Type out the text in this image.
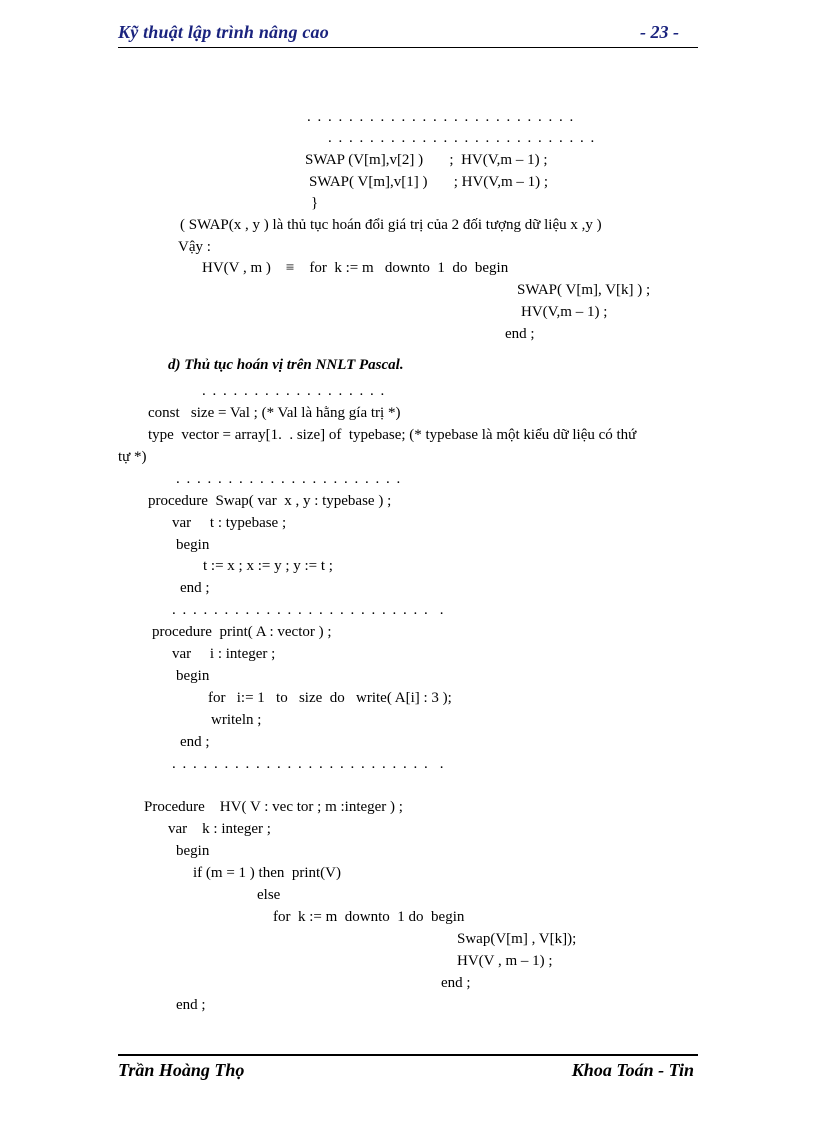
Kỹ thuật lập trình nâng cao	- 23 -
. . . . . . . . . . . . . . . . . . . . . . . . . .
. . . . . . . . . . . . . . . . . . . . . . . . . .
SWAP (V[m],v[2] )       ;  HV(V,m – 1) ;
SWAP( V[m],v[1] )       ; HV(V,m – 1) ;
}
( SWAP(x , y ) là thủ tục hoán đổi giá trị của 2 đối tượng dữ liệu x ,y )
Vậy :
HV(V , m )    ≡    for  k := m   downto  1  do  begin
SWAP( V[m], V[k] ) ;
HV(V,m – 1) ;
end ;
d) Thủ tục hoán vị trên NNLT Pascal.
. . . . . . . . . . . . . . . . . .
const   size = Val ; (* Val là hằng gía trị *)
type  vector = array[1.  . size] of  typebase; (* typebase là một kiểu dữ liệu có thứ
tự *)
. . . . . . . . . . . . . . . . . . . . . .
procedure  Swap( var  x , y : typebase ) ;
var     t : typebase ;
begin
t := x ; x := y ; y := t ;
end ;
. . . . . . . . . . . . . . . . . . . . . . . . .  .
procedure  print( A : vector ) ;
var     i : integer ;
begin
for   i:= 1   to   size  do   write( A[i] : 3 );
writeln ;
end ;
. . . . . . . . . . . . . . . . . . . . . . . . .  .
Procedure    HV( V : vec tor ; m :integer ) ;
var    k : integer ;
begin
if (m = 1 ) then  print(V)
else
for  k := m  downto  1 do  begin
Swap(V[m] , V[k]);
HV(V , m – 1) ;
end ;
end ;
Trần Hoàng Thọ	Khoa Toán - Tin
